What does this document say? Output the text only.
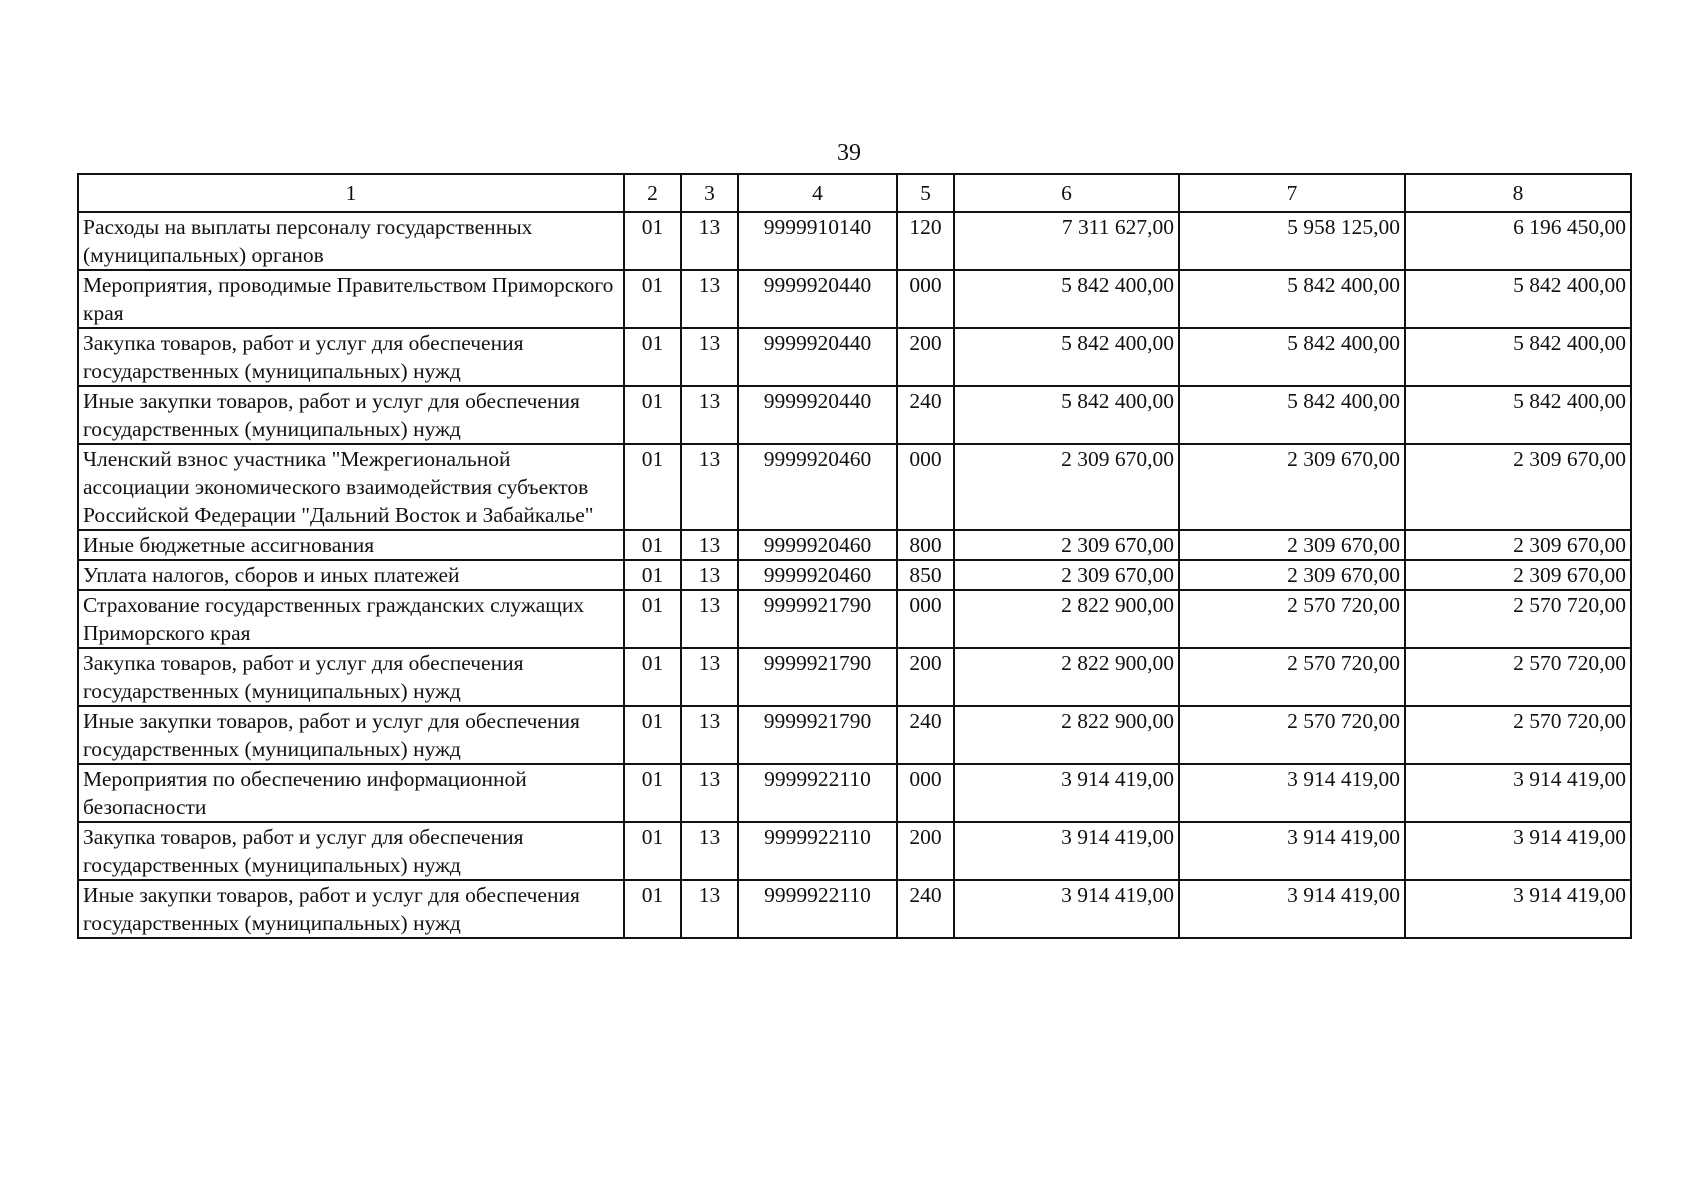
39
1	2	3	4	5	6	7	8
Расходы на выплаты персоналу государственных (муниципальных) органов	01	13	9999910140	120	7 311 627,00	5 958 125,00	6 196 450,00
Мероприятия, проводимые Правительством Приморского края	01	13	9999920440	000	5 842 400,00	5 842 400,00	5 842 400,00
Закупка товаров, работ и услуг для обеспечения государственных (муниципальных) нужд	01	13	9999920440	200	5 842 400,00	5 842 400,00	5 842 400,00
Иные закупки товаров, работ и услуг для обеспечения государственных (муниципальных) нужд	01	13	9999920440	240	5 842 400,00	5 842 400,00	5 842 400,00
Членский взнос участника "Межрегиональной ассоциации экономического взаимодействия субъектов Российской Федерации "Дальний Восток и Забайкалье"	01	13	9999920460	000	2 309 670,00	2 309 670,00	2 309 670,00
Иные бюджетные ассигнования	01	13	9999920460	800	2 309 670,00	2 309 670,00	2 309 670,00
Уплата налогов, сборов и иных платежей	01	13	9999920460	850	2 309 670,00	2 309 670,00	2 309 670,00
Страхование государственных гражданских служащих Приморского края	01	13	9999921790	000	2 822 900,00	2 570 720,00	2 570 720,00
Закупка товаров, работ и услуг для обеспечения государственных (муниципальных) нужд	01	13	9999921790	200	2 822 900,00	2 570 720,00	2 570 720,00
Иные закупки товаров, работ и услуг для обеспечения государственных (муниципальных) нужд	01	13	9999921790	240	2 822 900,00	2 570 720,00	2 570 720,00
Мероприятия по обеспечению информационной безопасности	01	13	9999922110	000	3 914 419,00	3 914 419,00	3 914 419,00
Закупка товаров, работ и услуг для обеспечения государственных (муниципальных) нужд	01	13	9999922110	200	3 914 419,00	3 914 419,00	3 914 419,00
Иные закупки товаров, работ и услуг для обеспечения государственных (муниципальных) нужд	01	13	9999922110	240	3 914 419,00	3 914 419,00	3 914 419,00
